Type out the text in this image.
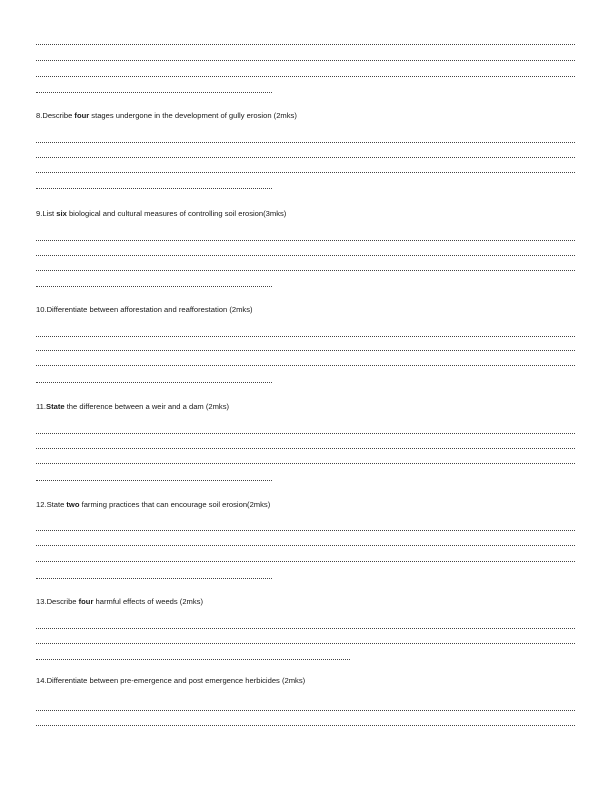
8.Describe four stages undergone in the development of gully erosion (2mks)
9.List six biological and cultural measures of controlling soil erosion(3mks)
10.Differentiate between afforestation and reafforestation (2mks)
11.State the difference between a weir and a dam (2mks)
12.State two farming practices that can encourage soil erosion(2mks)
13.Describe four harmful effects of weeds (2mks)
14.Differentiate between pre-emergence and post emergence herbicides (2mks)
